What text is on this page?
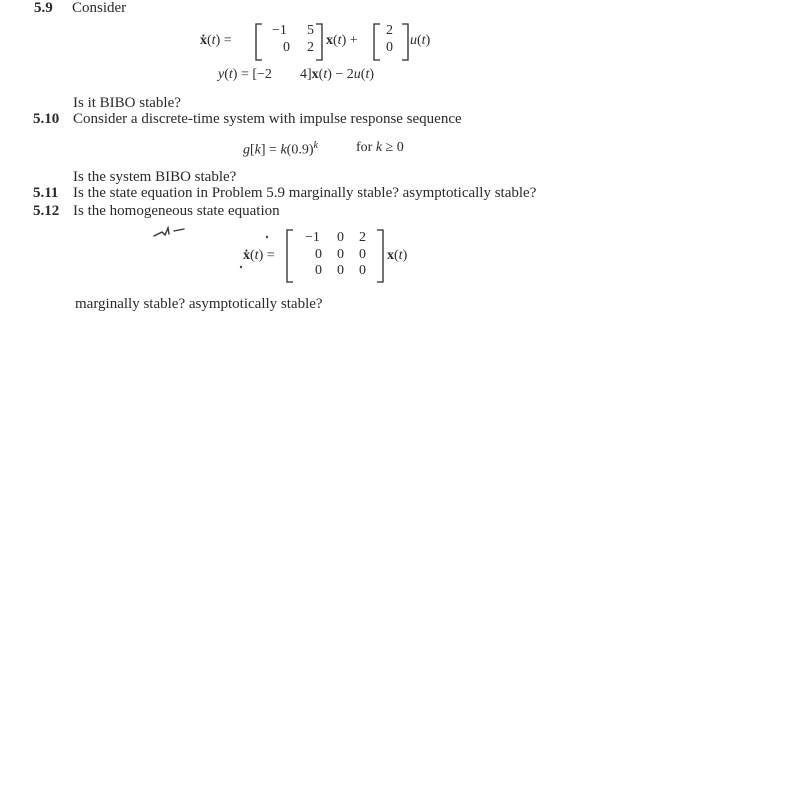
5.9 Consider
ẋ(t) =
−1 5
0 2 x(t) +
2
0 u(t)
y(t) = [−2 4]x(t) − 2u(t)
Is it BIBO stable?
5.10 Consider a discrete-time system with impulse response sequence
$g[k] = k(0.9)^k$	for k ≥ 0
Is the system BIBO stable?
5.11 Is the state equation in Problem 5.9 marginally stable? asymptotically stable?
5.12 Is the homogeneous state equation
ẋ(t) =
−1 0 2
0 0 0
0 0 0
x(t)
marginally stable? asymptotically stable?
